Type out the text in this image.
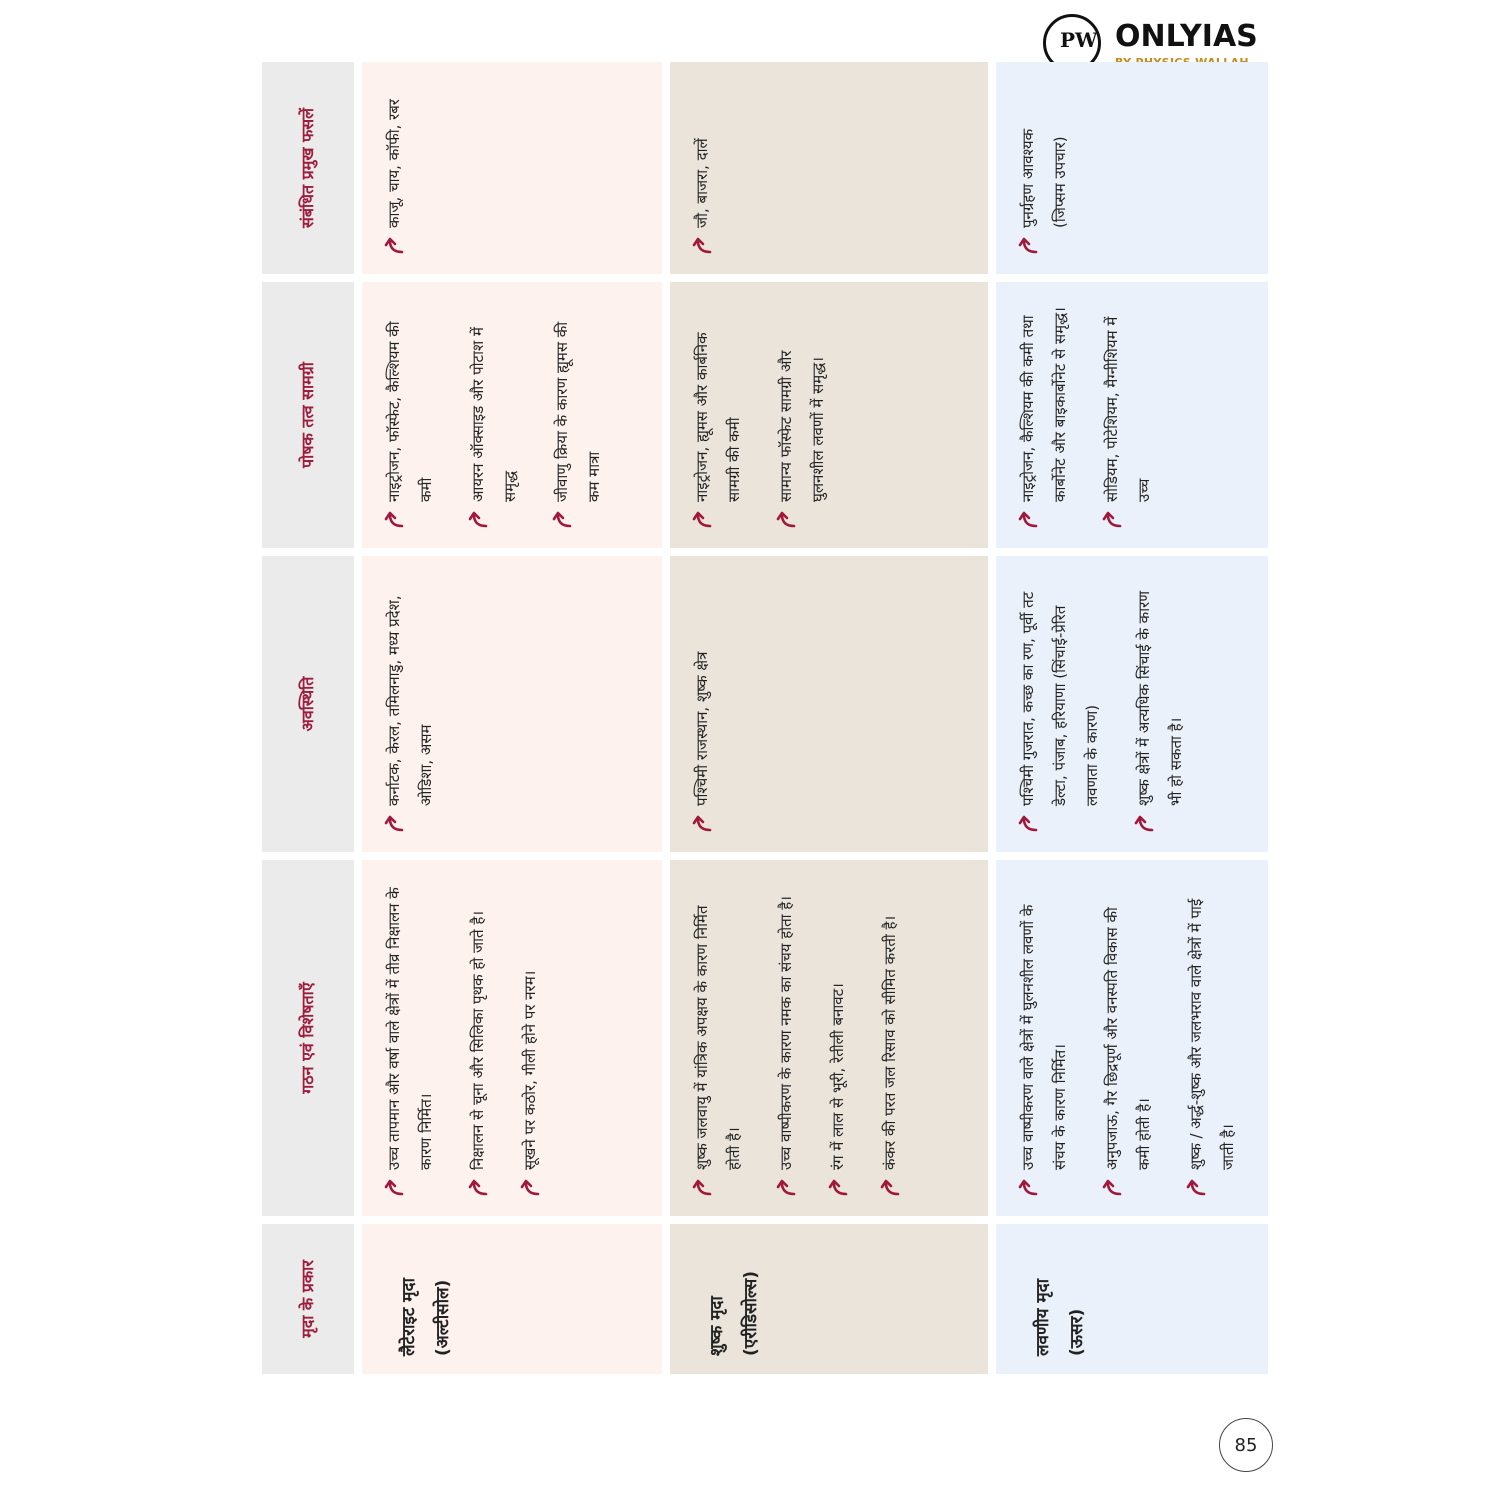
PW ONLYIAS
मृदा के प्रकार
गठन एवं विशेषताएँ
अवस्थिति
पोषक तत्व सामग्री
संबंधित प्रमुख फसलें
लैटेराइट मृदा (अल्टीसोल)
उच्च तापमान और वर्षा वाले क्षेत्रों में तीव्र निक्षालन के कारण निर्मित।	निक्षालन से चूना और सिलिका पृथक हो जाते है।	सूखने पर कठोर, गीली होने पर नरम।
कर्नाटक, केरल, तमिलनाडु, मध्य प्रदेश, ओडिशा, असम
नाइट्रोजन, फॉस्फेट, कैल्शियम की कमी	आयरन ऑक्साइड और पोटाश में समृद्ध	जीवाणु क्रिया के कारण ह्यूमस की कम मात्रा
काजू, चाय, कॉफी, रबर
शुष्क मृदा (एरीडिसोल्स)
शुष्क जलवायु में यांत्रिक अपक्षय के कारण निर्मित होती है।	उच्च वाष्पीकरण के कारण नमक का संचय होता है।	रंग में लाल से भूरी, रेतीली बनावट।	कंकर की परत जल रिसाव को सीमित करती है।
पश्चिमी राजस्थान, शुष्क क्षेत्र
नाइट्रोजन, ह्यूमस और कार्बनिक सामग्री की कमी	सामान्य फॉस्फेट सामग्री और घुलनशील लवणों में समृद्ध।
जौ, बाजरा, दालें
लवणीय मृदा (ऊसर)
उच्च वाष्पीकरण वाले क्षेत्रों में घुलनशील लवणों के संचय के कारण निर्मित।	अनुपजाऊ, गैर छिद्रपूर्ण और वनस्पति विकास की कमी होती है।	शुष्क / अर्द्ध-शुष्क और जलभराव वाले क्षेत्रों में पाई जाती है।
पश्चिमी गुजरात, कच्छ का रण, पूर्वी तट डेल्टा, पंजाब, हरियाणा (सिंचाई-प्रेरित लवणता के कारण)	शुष्क क्षेत्रों में अत्यधिक सिंचाई के कारण भी हो सकता है।
नाइट्रोजन, कैल्शियम की कमी तथा कार्बोनेट और बाइकार्बोनेट से समृद्ध।	सोडियम, पोटेशियम, मैग्नीशियम में उच्च
पुनर्ग्रहण आवश्यक (जिप्सम उपचार)
85
